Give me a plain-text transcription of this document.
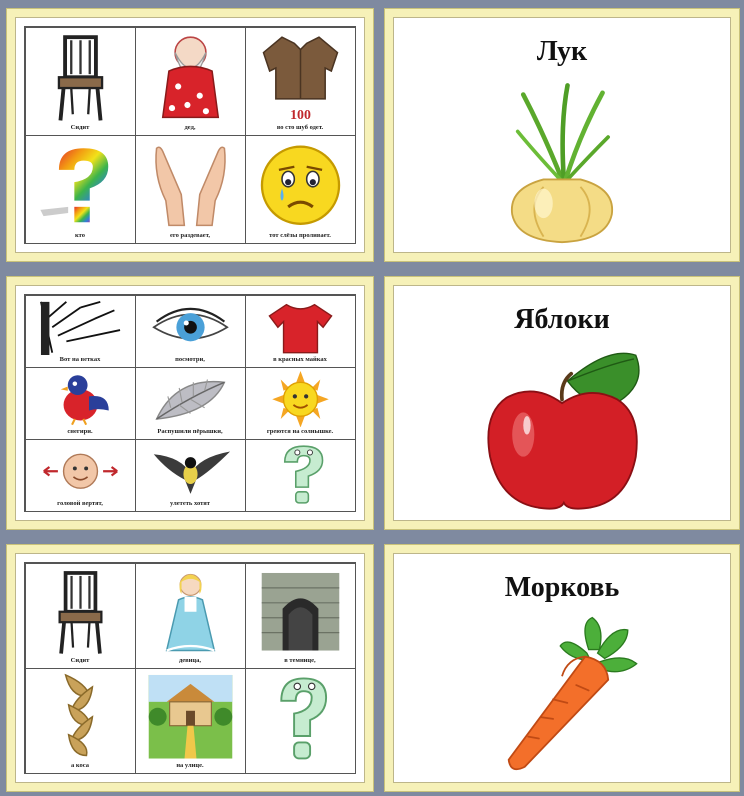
Сидит	дед,
100
во сто шуб одет.
кто	его раздевает,	тот слёзы проливает.
Лук
Вот на ветках	посмотри,	в красных майках
снегири.	Распушили пёрышки,	греются на солнышке.
головой вертят,	улететь хотят
Яблоки
Сидит	девица,	в темнице,
а коса	на улице.
Морковь
